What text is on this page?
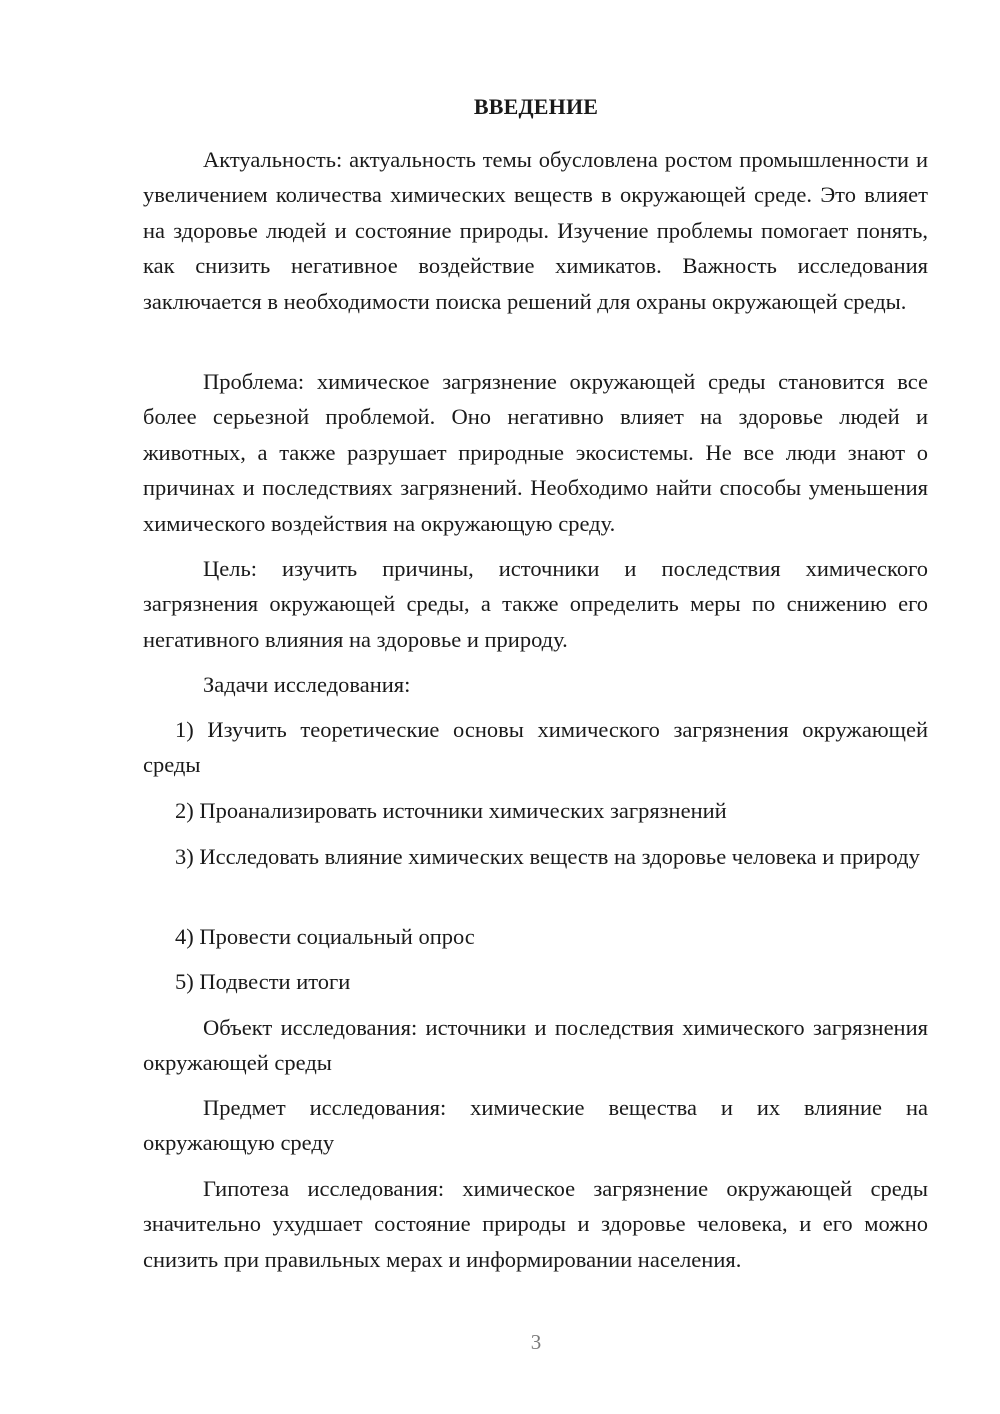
ВВЕДЕНИЕ

Актуальность: актуальность темы обусловлена ростом промышленности и увеличением количества химических веществ в окружающей среде. Это влияет на здоровье людей и состояние природы. Изучение проблемы помогает понять, как снизить негативное воздействие химикатов. Важность исследования заключается в необходимости поиска решений для охраны окружающей среды.

Проблема: химическое загрязнение окружающей среды становится все более серьезной проблемой. Оно негативно влияет на здоровье людей и животных, а также разрушает природные экосистемы. Не все люди знают о причинах и последствиях загрязнений. Необходимо найти способы уменьшения химического воздействия на окружающую среду.

Цель: изучить причины, источники и последствия химического загрязнения окружающей среды, а также определить меры по снижению его негативного влияния на здоровье и природу.

Задачи исследования:

1) Изучить теоретические основы химического загрязнения окружающей среды

2) Проанализировать источники химических загрязнений

3) Исследовать влияние химических веществ на здоровье человека и природу

4) Провести социальный опрос

5) Подвести итоги

Объект исследования: источники и последствия химического загрязнения окружающей среды

Предмет исследования: химические вещества и их влияние на окружающую среду

Гипотеза исследования: химическое загрязнение окружающей среды значительно ухудшает состояние природы и здоровье человека, и его можно снизить при правильных мерах и информировании населения.

3
